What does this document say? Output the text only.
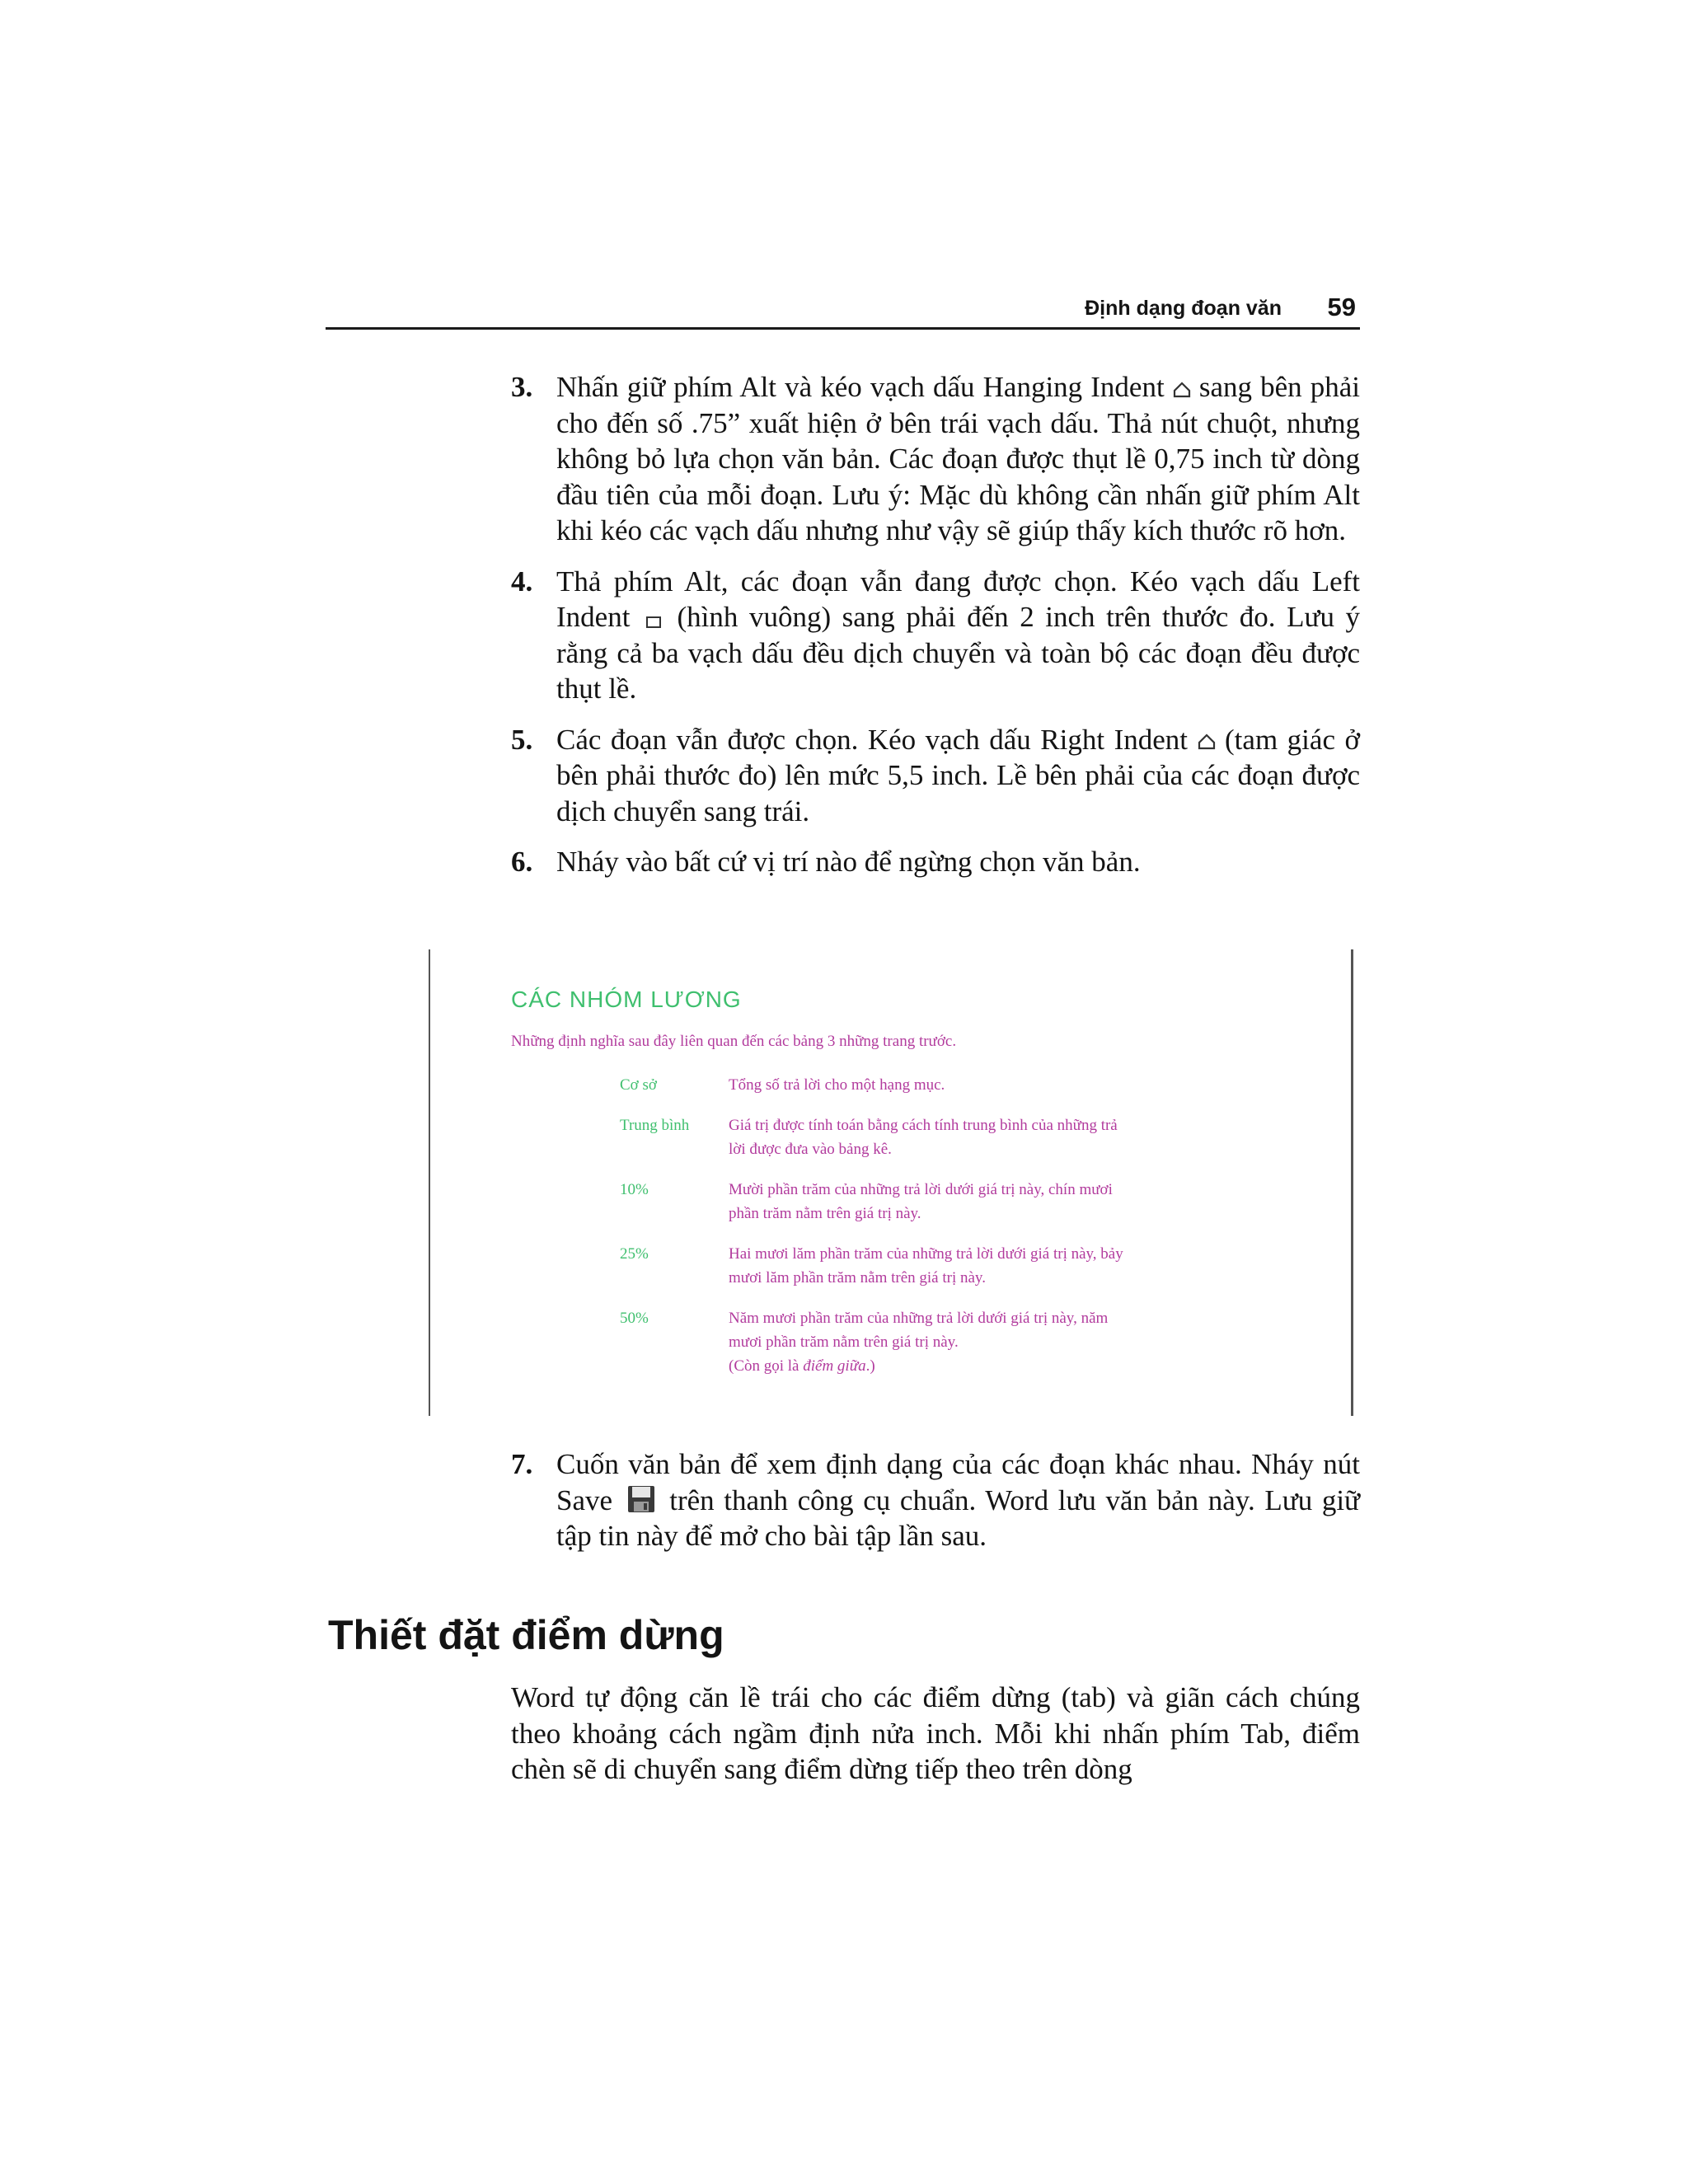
Định dạng đoạn văn 59

3. Nhấn giữ phím Alt và kéo vạch dấu Hanging Indent sang bên phải cho đến số .75” xuất hiện ở bên trái vạch dấu. Thả nút chuột, nhưng không bỏ lựa chọn văn bản. Các đoạn được thụt lề 0,75 inch từ dòng đầu tiên của mỗi đoạn. Lưu ý: Mặc dù không cần nhấn giữ phím Alt khi kéo các vạch dấu nhưng như vậy sẽ giúp thấy kích thước rõ hơn.

4. Thả phím Alt, các đoạn vẫn đang được chọn. Kéo vạch dấu Left Indent (hình vuông) sang phải đến 2 inch trên thước đo. Lưu ý rằng cả ba vạch dấu đều dịch chuyển và toàn bộ các đoạn đều được thụt lề.

5. Các đoạn vẫn được chọn. Kéo vạch dấu Right Indent (tam giác ở bên phải thước đo) lên mức 5,5 inch. Lề bên phải của các đoạn được dịch chuyển sang trái.

6. Nháy vào bất cứ vị trí nào để ngừng chọn văn bản.

CÁC NHÓM LƯƠNG
Những định nghĩa sau đây liên quan đến các bảng 3 những trang trước.
Cơ sở	Tổng số trả lời cho một hạng mục.
Trung bình	Giá trị được tính toán bằng cách tính trung bình của những trả lời được đưa vào bảng kê.
10%	Mười phần trăm của những trả lời dưới giá trị này, chín mươi phần trăm nằm trên giá trị này.
25%	Hai mươi lăm phần trăm của những trả lời dưới giá trị này, bảy mươi lăm phần trăm nằm trên giá trị này.
50%	Năm mươi phần trăm của những trả lời dưới giá trị này, năm mươi phần trăm nằm trên giá trị này.
(Còn gọi là điểm giữa.)

7. Cuốn văn bản để xem định dạng của các đoạn khác nhau. Nháy nút Save trên thanh công cụ chuẩn. Word lưu văn bản này. Lưu giữ tập tin này để mở cho bài tập lần sau.

Thiết đặt điểm dừng

Word tự động căn lề trái cho các điểm dừng (tab) và giãn cách chúng theo khoảng cách ngầm định nửa inch. Mỗi khi nhấn phím Tab, điểm chèn sẽ di chuyển sang điểm dừng tiếp theo trên dòng
